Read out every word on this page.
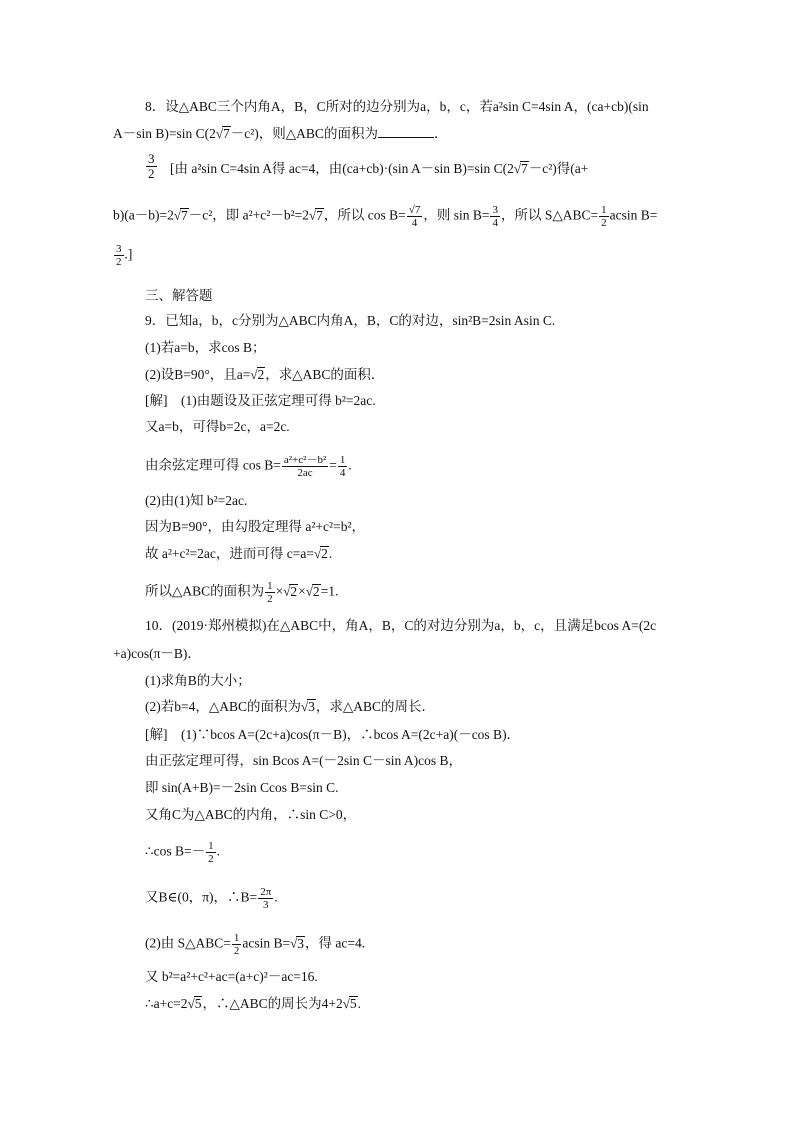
8．设△ABC三个内角A，B，C所对的边分别为a，b，c，若a²sin C=4sin A，(ca+cb)(sin
A－sin B)=sin C(2√7－c²)，则△ABC的面积为	．
$\frac{3}{2}$ [由 a²sin C=4sin A得 ac=4，由(ca+cb)·(sin A－sin B)=sin C(2√7－c²)得(a+
b)(a－b)=2√7－c²，即 a²+c²－b²=2√7，所以 $\cos B= \frac{√7}{4}$ ，则 $\sin B= \frac{3}{4}$ ，所以 S△ABC= $\frac{1}{2}$ acsin B=
$\frac{3}{2}$ .]
三、解答题
9．已知a，b，c分别为△ABC内角A，B，C的对边，sin²B=2sin Asin C.
(1)若a=b，求cos B；
(2)设B=90°，且a=√2，求△ABC的面积．
[解]　(1)由题设及正弦定理可得 b²=2ac.
又a=b，可得b=2c，a=2c.
由余弦定理可得 $\cos B= \frac{\text{a²+c²－b²}}{2ac} = \frac{1}{4}$ .
(2)由(1)知 b²=2ac.
因为B=90°，由勾股定理得 a²+c²=b²，
故 a²+c²=2ac，进而可得 c=a=√2.
所以△ABC的面积为 $\frac{1}{2} \times√2\times√2=1$.
10．(2019·郑州模拟)在△ABC中，角A，B，C的对边分别为a，b，c，且满足bcos A=(2c
+a)cos(π－B)．
(1)求角B的大小；
(2)若b=4，△ABC的面积为√3，求△ABC的周长．
[解]　(1)∵bcos A=(2c+a)cos(π－B)，∴bcos A=(2c+a)(－cos B)．
由正弦定理可得，sin Bcos A=(－2sin C－sin A)cos B，
即 sin(A+B)=－2sin Ccos B=sin C.
又角C为△ABC的内角，∴sin C>0，
∴cos $B=- \frac{1}{2}$ .
又B∈(0，π)，∴B= $\frac{2\pi}{3}$ .
(2)由 S△ABC= $\frac{1}{2}$ acsin B=√3，得 ac=4.
又 b²=a²+c²+ac=(a+c)²－ac=16.
∴a+c=2√5，∴△ABC的周长为4+2√5.
